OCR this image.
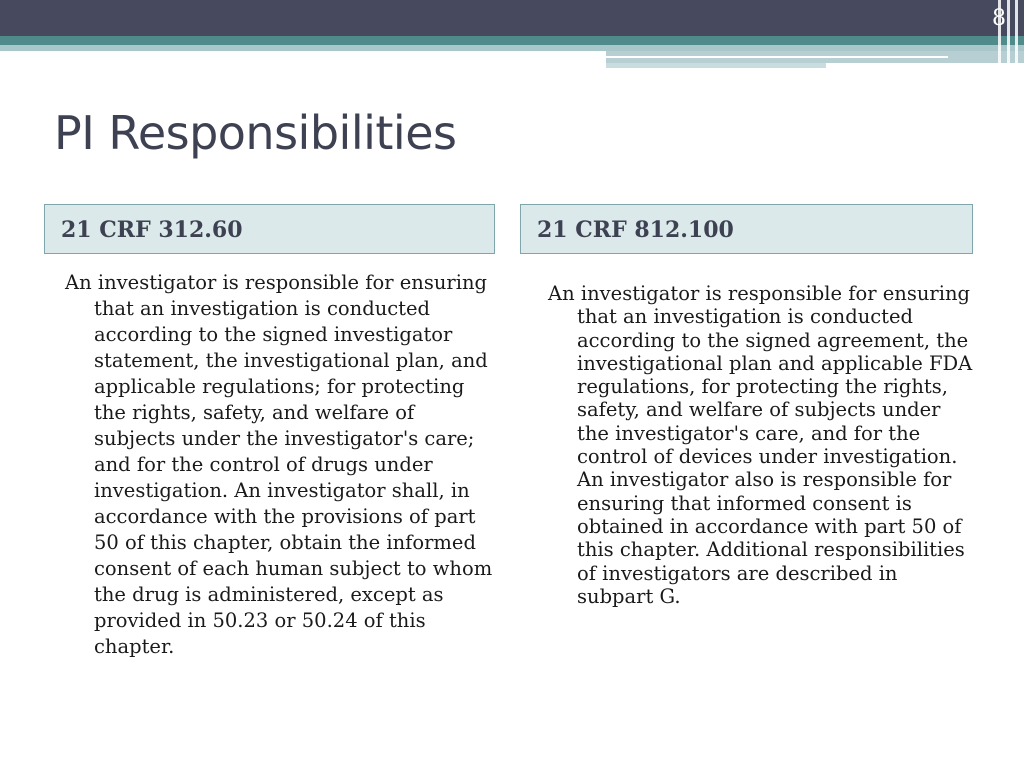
8
PI Responsibilities
21 CRF 312.60	21 CRF 812.100

An investigator is responsible for ensuring that an investigation is conducted according to the signed investigator statement, the investigational plan, and applicable regulations; for protecting the rights, safety, and welfare of subjects under the investigator's care; and for the control of drugs under investigation. An investigator shall, in accordance with the provisions of part 50 of this chapter, obtain the informed consent of each human subject to whom the drug is administered, except as provided in 50.23 or 50.24 of this chapter.

An investigator is responsible for ensuring that an investigation is conducted according to the signed agreement, the investigational plan and applicable FDA regulations, for protecting the rights, safety, and welfare of subjects under the investigator's care, and for the control of devices under investigation. An investigator also is responsible for ensuring that informed consent is obtained in accordance with part 50 of this chapter. Additional responsibilities of investigators are described in subpart G.
